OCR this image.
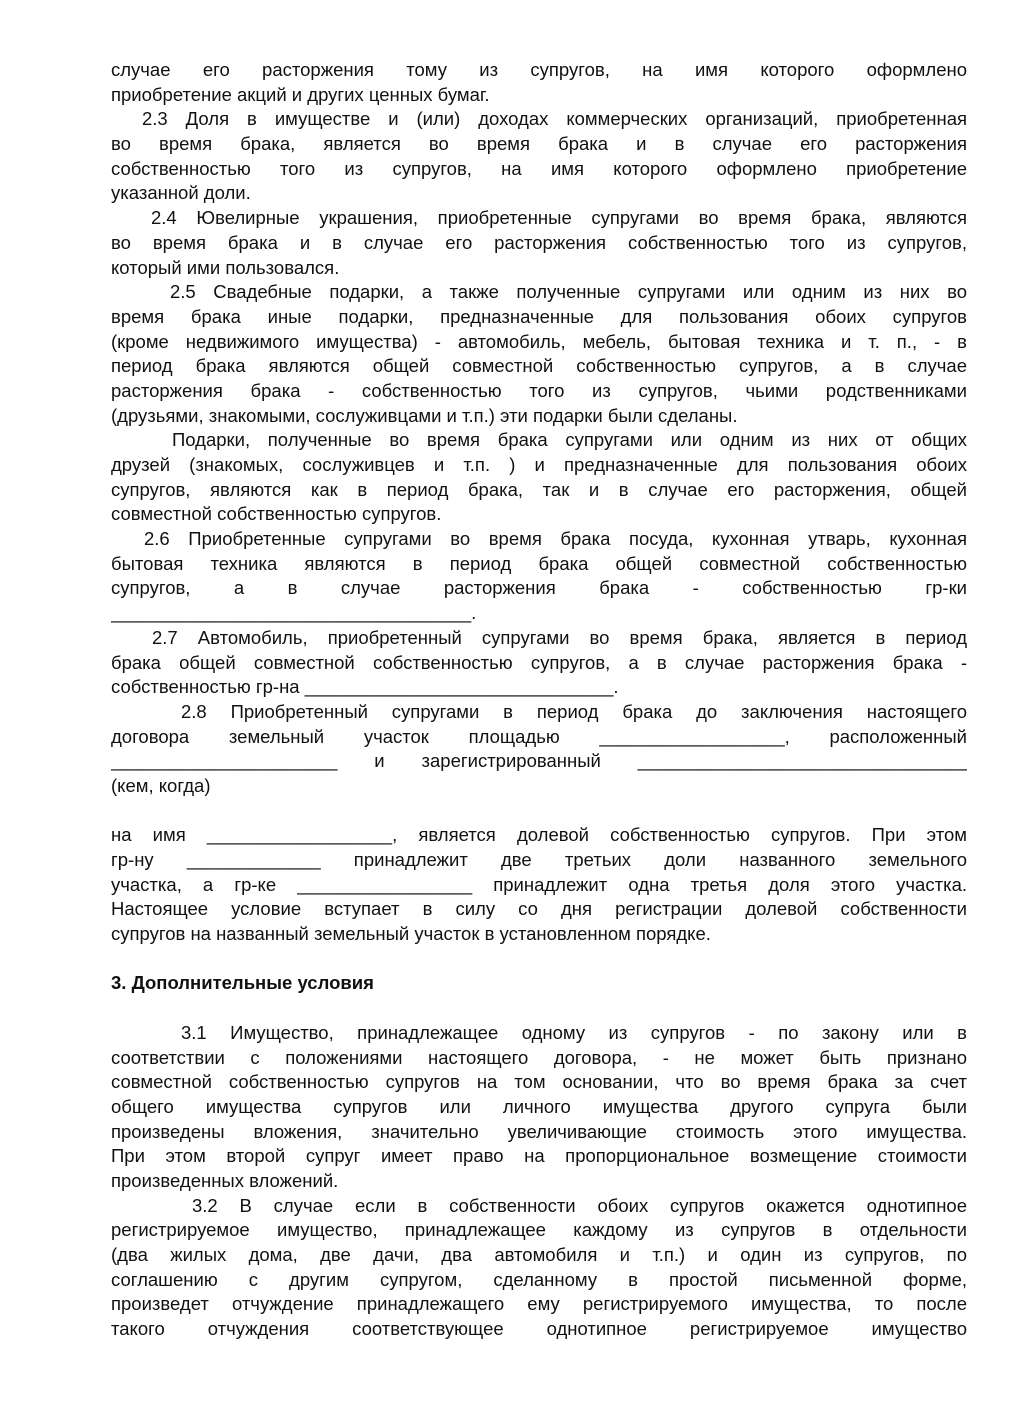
случае его расторжения тому из супругов, на имя которого оформлено
приобретение акций и других ценных бумаг.
2.3 Доля в имуществе и (или) доходах коммерческих организаций, приобретенная
во время брака, является во время брака и в случае его расторжения
собственностью того из супругов, на имя которого оформлено приобретение
указанной доли.
2.4 Ювелирные украшения, приобретенные супругами во время брака, являются
во время брака и в случае его расторжения собственностью того из супругов,
который ими пользовался.
2.5 Свадебные подарки, а также полученные супругами или одним из них во
время брака иные подарки, предназначенные для пользования обоих супругов
(кроме недвижимого имущества) - автомобиль, мебель, бытовая техника и т. п., - в
период брака являются общей совместной собственностью супругов, а в случае
расторжения брака - собственностью того из супругов, чьими родственниками
(друзьями, знакомыми, сослуживцами и т.п.) эти подарки были сделаны.
Подарки, полученные во время брака супругами или одним из них от общих
друзей (знакомых, сослуживцев и т.п. ) и предназначенные для пользования обоих
супругов, являются как в период брака, так и в случае его расторжения, общей
совместной собственностью супругов.
2.6 Приобретенные супругами во время брака посуда, кухонная утварь, кухонная
бытовая техника являются в период брака общей совместной собственностью
супругов, а в случае расторжения брака - собственностью гр-ки
___________________________________.
2.7 Автомобиль, приобретенный супругами во время брака, является в период
брака общей совместной собственностью супругов, а в случае расторжения брака -
собственностью гр-на ______________________________.
2.8 Приобретенный супругами в период брака до заключения настоящего
договора земельный участок площадью __________________, расположенный
______________________ и зарегистрированный ________________________________
(кем, когда)
на имя __________________, является долевой собственностью супругов. При этом
гр-ну _____________ принадлежит две третьих доли названного земельного
участка, а гр-ке _________________ принадлежит одна третья доля этого участка.
Настоящее условие вступает в силу со дня регистрации долевой собственности
супругов на названный земельный участок в установленном порядке.
3. Дополнительные условия
3.1 Имущество, принадлежащее одному из супругов - по закону или в
соответствии с положениями настоящего договора, - не может быть признано
совместной собственностью супругов на том основании, что во время брака за счет
общего имущества супругов или личного имущества другого супруга были
произведены вложения, значительно увеличивающие стоимость этого имущества.
При этом второй супруг имеет право на пропорциональное возмещение стоимости
произведенных вложений.
3.2 В случае если в собственности обоих супругов окажется однотипное
регистрируемое имущество, принадлежащее каждому из супругов в отдельности
(два жилых дома, две дачи, два автомобиля и т.п.) и один из супругов, по
соглашению с другим супругом, сделанному в простой письменной форме,
произведет отчуждение принадлежащего ему регистрируемого имущества, то после
такого отчуждения соответствующее однотипное регистрируемое имущество
